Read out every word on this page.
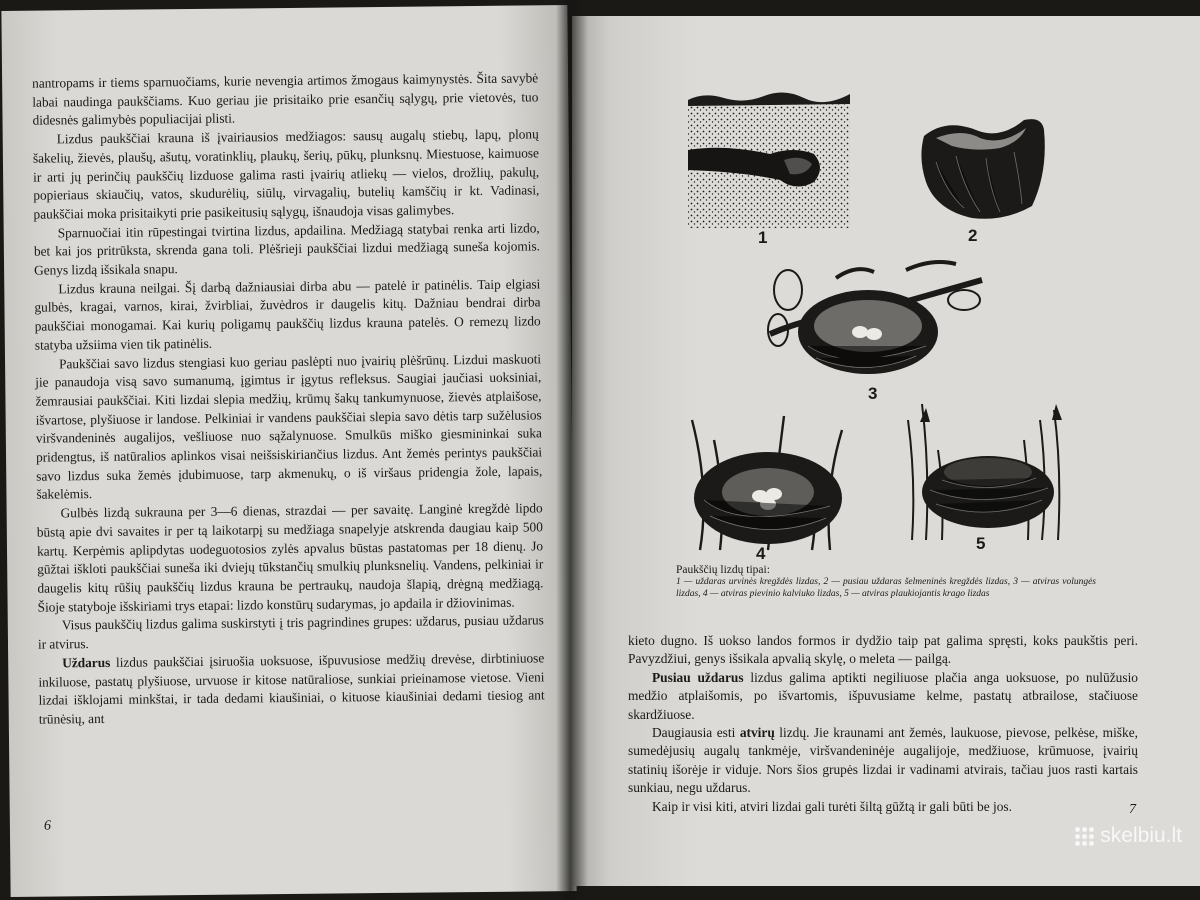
nantropams ir tiems sparnuočiams, kurie nevengia artimos žmogaus kaimynystės. Šita savybė labai naudinga paukščiams. Kuo geriau jie prisitaiko prie esančių sąlygų, prie vietovės, tuo didesnės galimybės populiacijai plisti.

Lizdus paukščiai krauna iš įvairiausios medžiagos: sausų augalų stiebų, lapų, plonų šakelių, žievės, plaušų, ašutų, voratinklių, plaukų, šerių, pūkų, plunksnų. Miestuose, kaimuose ir arti jų perinčių paukščių lizduose galima rasti įvairių atliekų — vielos, drožlių, pakulų, popieriaus skiaučių, vatos, skudurėlių, siūlų, virvagalių, butelių kamščių ir kt. Vadinasi, paukščiai moka prisitaikyti prie pasikeitusių sąlygų, išnaudoja visas galimybes.

Sparnuočiai itin rūpestingai tvirtina lizdus, apdailina. Medžiagą statybai renka arti lizdo, bet kai jos pritrūksta, skrenda gana toli. Plėšrieji paukščiai lizdui medžiagą suneša kojomis. Genys lizdą išsikala snapu.

Lizdus krauna neilgai. Šį darbą dažniausiai dirba abu — patelė ir patinėlis. Taip elgiasi gulbės, kragai, varnos, kirai, žvirbliai, žuvėdros ir daugelis kitų. Dažniau bendrai dirba paukščiai monogamai. Kai kurių poligamų paukščių lizdus krauna patelės. O remezų lizdo statyba užsiima vien tik patinėlis.

Paukščiai savo lizdus stengiasi kuo geriau paslėpti nuo įvairių plėšrūnų. Lizdui maskuoti jie panaudoja visą savo sumanumą, įgimtus ir įgytus refleksus. Saugiai jaučiasi uoksiniai, žemrausiai paukščiai. Kiti lizdai slepia medžių, krūmų šakų tankumynuose, žievės atplaišose, išvartose, plyšiuose ir landose. Pelkiniai ir vandens paukščiai slepia savo dėtis tarp sužėlusios viršvandeninės augalijos, vešliuose nuo sąžalynuose. Smulkūs miško giesmininkai suka pridengtus, iš natūralios aplinkos visai neišsiskiriančius lizdus. Ant žemės perintys paukščiai savo lizdus suka žemės įdubimuose, tarp akmenukų, o iš viršaus pridengia žole, lapais, šakelėmis.

Gulbės lizdą sukrauna per 3—6 dienas, strazdai — per savaitę. Langinė kregždė lipdo būstą apie dvi savaites ir per tą laikotarpį su medžiaga snapelyje atskrenda daugiau kaip 500 kartų. Kerpėmis aplipdytas uodeguotosios zylės apvalus būstas pastatomas per 18 dienų. Jo gūžtai iškloti paukščiai suneša iki dviejų tūkstančių smulkių plunksnelių. Vandens, pelkiniai ir daugelis kitų rūšių paukščių lizdus krauna be pertraukų, naudoja šlapią, drėgną medžiagą. Šioje statyboje išskiriami trys etapai: lizdo konstūrų sudarymas, jo apdaila ir džiovinimas.

Visus paukščių lizdus galima suskirstyti į tris pagrindines grupes: uždarus, pusiau uždarus ir atvirus.

Uždarus lizdus paukščiai įsiruošia uoksuose, išpuvusiose medžių drevėse, dirbtiniuose inkiluose, pastatų plyšiuose, urvuose ir kitose natūraliose, sunkiai prieinamose vietose. Vieni lizdai išklojami minkštai, ir tada dedami kiaušiniai, o kituose kiaušiniai dedami tiesiog ant trūnėsių, ant

6
1	2
3
4
5
Paukščių lizdų tipai:
1 — uždaras urvinės kregždės lizdas, 2 — pusiau uždaras šelmeninės kregždės lizdas, 3 — atviras volungės lizdas, 4 — atviras pievinio kalviuko lizdas, 5 — atviras plaukiojantis krago lizdas

kieto dugno. Iš uokso landos formos ir dydžio taip pat galima spręsti, koks paukštis peri. Pavyzdžiui, genys išsikala apvalią skylę, o meleta — pailgą.

Pusiau uždarus lizdus galima aptikti negiliuose plačia anga uoksuose, po nulūžusio medžio atplaišomis, po išvartomis, išpuvusiame kelme, pastatų atbrailose, stačiuose skardžiuose.

Daugiausia esti atvirų lizdų. Jie kraunami ant žemės, laukuose, pievose, pelkėse, miške, sumedėjusių augalų tankmėje, viršvandeninėje augalijoje, medžiuose, krūmuose, įvairių statinių išorėje ir viduje. Nors šios grupės lizdai ir vadinami atvirais, tačiau juos rasti kartais sunkiau, negu uždarus.

Kaip ir visi kiti, atviri lizdai gali turėti šiltą gūžtą ir gali būti be jos.	7
skelbiu.lt
